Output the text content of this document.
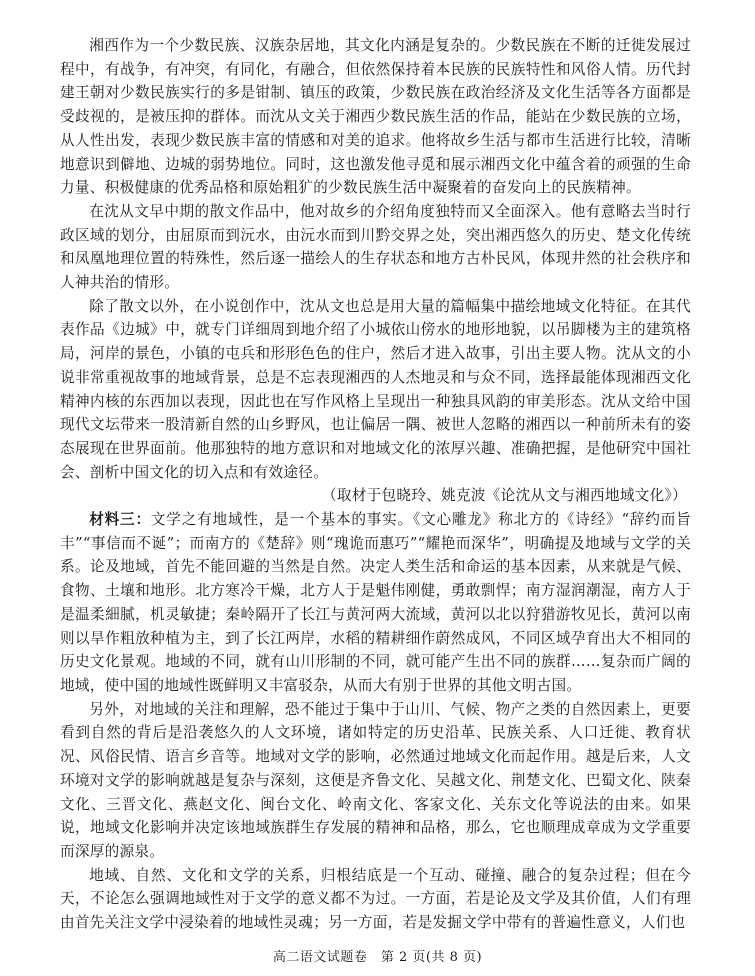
湘西作为一个少数民族、汉族杂居地，其文化内涵是复杂的。少数民族在不断的迁徙发展过程中，有战争，有冲突，有同化，有融合，但依然保持着本民族的民族特性和风俗人情。历代封建王朝对少数民族实行的多是钳制、镇压的政策，少数民族在政治经济及文化生活等各方面都是受歧视的，是被压抑的群体。而沈从文关于湘西少数民族生活的作品，能站在少数民族的立场，从人性出发，表现少数民族丰富的情感和对美的追求。他将故乡生活与都市生活进行比较，清晰地意识到僻地、边城的弱势地位。同时，这也激发他寻觅和展示湘西文化中蕴含着的顽强的生命力量、积极健康的优秀品格和原始粗犷的少数民族生活中凝聚着的奋发向上的民族精神。

在沈从文早中期的散文作品中，他对故乡的介绍角度独特而又全面深入。他有意略去当时行政区域的划分，由屈原而到沅水，由沅水而到川黔交界之处，突出湘西悠久的历史、楚文化传统和凤凰地理位置的特殊性，然后逐一描绘人的生存状态和地方古朴民风，体现井然的社会秩序和人神共治的情形。

除了散文以外，在小说创作中，沈从文也总是用大量的篇幅集中描绘地域文化特征。在其代表作品《边城》中，就专门详细周到地介绍了小城依山傍水的地形地貌，以吊脚楼为主的建筑格局，河岸的景色，小镇的屯兵和形形色色的住户，然后才进入故事，引出主要人物。沈从文的小说非常重视故事的地域背景，总是不忘表现湘西的人杰地灵和与众不同，选择最能体现湘西文化精神内核的东西加以表现，因此也在写作风格上呈现出一种独具风韵的审美形态。沈从文给中国现代文坛带来一股清新自然的山乡野风，也让偏居一隅、被世人忽略的湘西以一种前所未有的姿态展现在世界面前。他那独特的地方意识和对地域文化的浓厚兴趣、准确把握，是他研究中国社会、剖析中国文化的切入点和有效途径。

（取材于包晓玲、姚克波《论沈从文与湘西地域文化》）

材料三：文学之有地域性，是一个基本的事实。《文心雕龙》称北方的《诗经》“辞约而旨丰”“事信而不诞”；而南方的《楚辞》则“瑰诡而惠巧”“耀艳而深华”，明确提及地域与文学的关系。论及地域，首先不能回避的当然是自然。决定人类生活和命运的基本因素，从来就是气候、食物、土壤和地形。北方寒冷干燥，北方人于是魁伟刚健，勇敢剽悍；南方湿润潮湿，南方人于是温柔細腻，机灵敏捷；秦岭隔开了长江与黄河两大流域，黄河以北以狩猎游牧见长，黄河以南则以旱作粗放种植为主，到了长江两岸，水稻的精耕细作蔚然成风，不同区域孕育出大不相同的历史文化景观。地域的不同，就有山川形制的不同，就可能产生出不同的族群……复杂而广阔的地域，使中国的地域性既鲜明又丰富驳杂，从而大有别于世界的其他文明古国。

另外，对地域的关注和理解，恐不能过于集中于山川、气候、物产之类的自然因素上，更要看到自然的背后是沿袭悠久的人文环境，诸如特定的历史沿革、民族关系、人口迁徙、教育状况、风俗民情、语言乡音等。地域对文学的影响，必然通过地域文化而起作用。越是后来，人文环境对文学的影响就越是复杂与深刻，这便是齐鲁文化、吴越文化、荆楚文化、巴蜀文化、陕秦文化、三晋文化、燕赵文化、闽台文化、岭南文化、客家文化、关东文化等说法的由来。如果说，地域文化影响并决定该地域族群生存发展的精神和品格，那么，它也顺理成章成为文学重要而深厚的源泉。

地域、自然、文化和文学的关系，归根结底是一个互动、碰撞、融合的复杂过程；但在今天，不论怎么强调地域性对于文学的意义都不为过。一方面，若是论及文学及其价值，人们有理由首先关注文学中浸染着的地域性灵魂；另一方面，若是发掘文学中带有的普遍性意义，人们也

高二语文试题卷　第 2 页(共 8 页)
